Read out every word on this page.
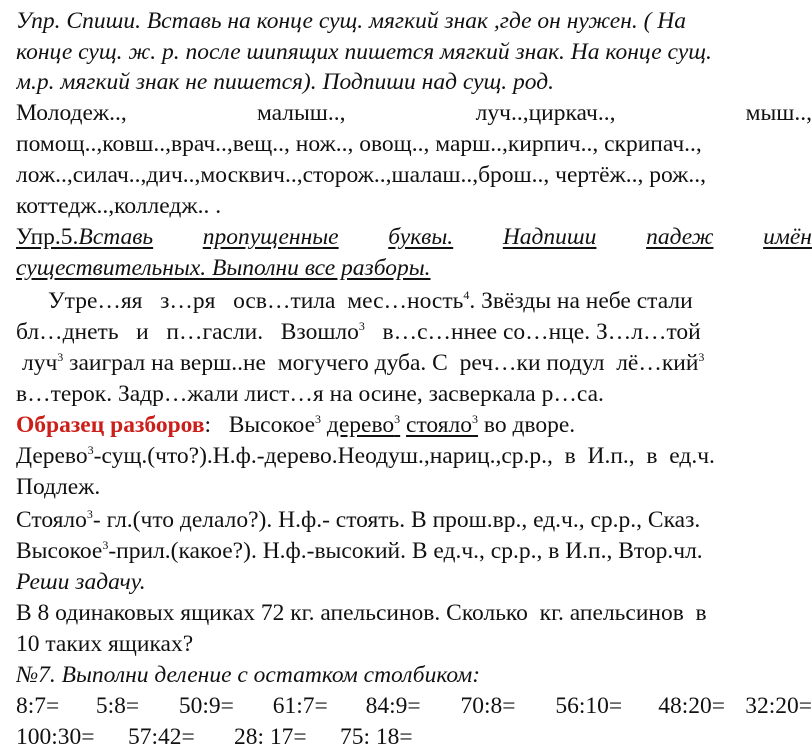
Упр. Спиши. Вставь на конце сущ. мягкий знак ,где он нужен. ( На
конце сущ. ж. р. после шипящих пишется мягкий знак. На конце сущ.
м.р. мягкий знак не пишется). Подпиши над сущ. род.
Молодеж..,	малыш..,	луч..,циркач..,	мыш..,
помощ..,ковш..,врач..,вещ.., нож.., овощ.., марш..,кирпич.., скрипач..,
лож..,силач..,дич..,москвич..,сторож..,шалаш..,брош.., чертёж.., рож..,
коттедж..,колледж.. .
Упр.5.Вставь пропущенные буквы. Надпиши падеж имён
существительных. Выполни все разборы.
Утре…яя   з…ря   осв…тила  мес…ность$^4$. Звёзды на небе стали
бл…днеть   и   п…гасли.   Взошло$^3$   в…с…ннее со…нце. З…л…той
луч$^3$ заиграл на верш..не  могучего дуба. С  реч…ки подул  лё…кий$^3$
в…терок. Задр…жали лист…я на осине, засверкала р…са.
Образец разборов: Высокое$^3$ дерево$^3$ стояло$^3$ во дворе.
Дерево$^3$-сущ.(что?).Н.ф.-дерево.Неодуш.,нариц.,ср.р.,  в  И.п.,  в  ед.ч.
Подлеж.
Стояло$^3$- гл.(что делало?). Н.ф.- стоять. В прош.вр., ед.ч., ср.р., Сказ.
Высокое$^3$-прил.(какое?). Н.ф.-высокий. В ед.ч., ср.р., в И.п., Втор.чл.
Реши задачу.
В 8 одинаковых ящиках 72 кг. апельсинов. Сколько  кг. апельсинов  в
10 таких ящиках?
№7. Выполни деление с остатком столбиком:
8:7=	5:8=	50:9=	61:7=	84:9=	70:8=	56:10=	48:20= 32:20=
100:30=	57:42=	28: 17=	75: 18=
